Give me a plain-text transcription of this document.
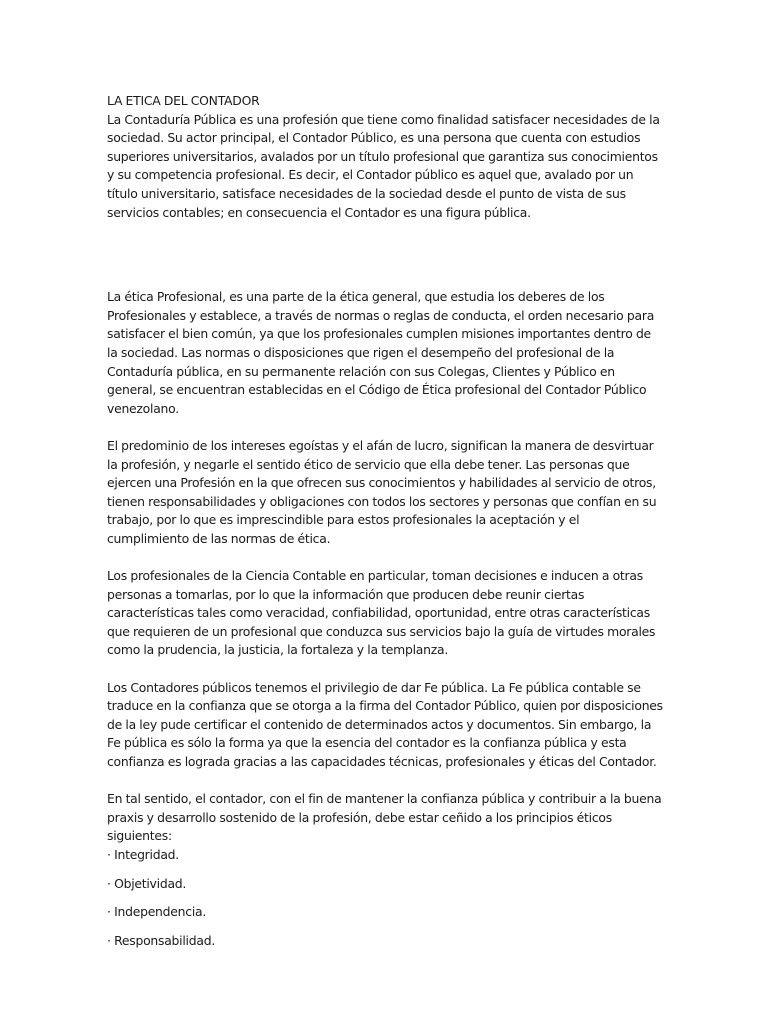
LA ETICA DEL CONTADOR

La Contaduría Pública es una profesión que tiene como finalidad satisfacer necesidades de la sociedad. Su actor principal, el Contador Público, es una persona que cuenta con estudios superiores universitarios, avalados por un título profesional que garantiza sus conocimientos y su competencia profesional. Es decir, el Contador público es aquel que, avalado por un título universitario, satisface necesidades de la sociedad desde el punto de vista de sus servicios contables; en consecuencia el Contador es una figura pública.

La ética Profesional, es una parte de la ética general, que estudia los deberes de los Profesionales y establece, a través de normas o reglas de conducta, el orden necesario para satisfacer el bien común, ya que los profesionales cumplen misiones importantes dentro de la sociedad. Las normas o disposiciones que rigen el desempeño del profesional de la Contaduría pública, en su permanente relación con sus Colegas, Clientes y Público en general, se encuentran establecidas en el Código de Ética profesional del Contador Público venezolano.

El predominio de los intereses egoístas y el afán de lucro, significan la manera de desvirtuar la profesión, y negarle el sentido ético de servicio que ella debe tener. Las personas que ejercen una Profesión en la que ofrecen sus conocimientos y habilidades al servicio de otros, tienen responsabilidades y obligaciones con todos los sectores y personas que confían en su trabajo, por lo que es imprescindible para estos profesionales la aceptación y el cumplimiento de las normas de ética.

Los profesionales de la Ciencia Contable en particular, toman decisiones e inducen a otras personas a tomarlas, por lo que la información que producen debe reunir ciertas características tales como veracidad, confiabilidad, oportunidad, entre otras características que requieren de un profesional que conduzca sus servicios bajo la guía de virtudes morales como la prudencia, la justicia, la fortaleza y la templanza.

Los Contadores públicos tenemos el privilegio de dar Fe pública. La Fe pública contable se traduce en la confianza que se otorga a la firma del Contador Público, quien por disposiciones de la ley pude certificar el contenido de determinados actos y documentos. Sin embargo, la Fe pública es sólo la forma ya que la esencia del contador es la confianza pública y esta confianza es lograda gracias a las capacidades técnicas, profesionales y éticas del Contador.

En tal sentido, el contador, con el fin de mantener la confianza pública y contribuir a la buena praxis y desarrollo sostenido de la profesión, debe estar ceñido a los principios éticos siguientes:

· Integridad.

· Objetividad.

· Independencia.

· Responsabilidad.
